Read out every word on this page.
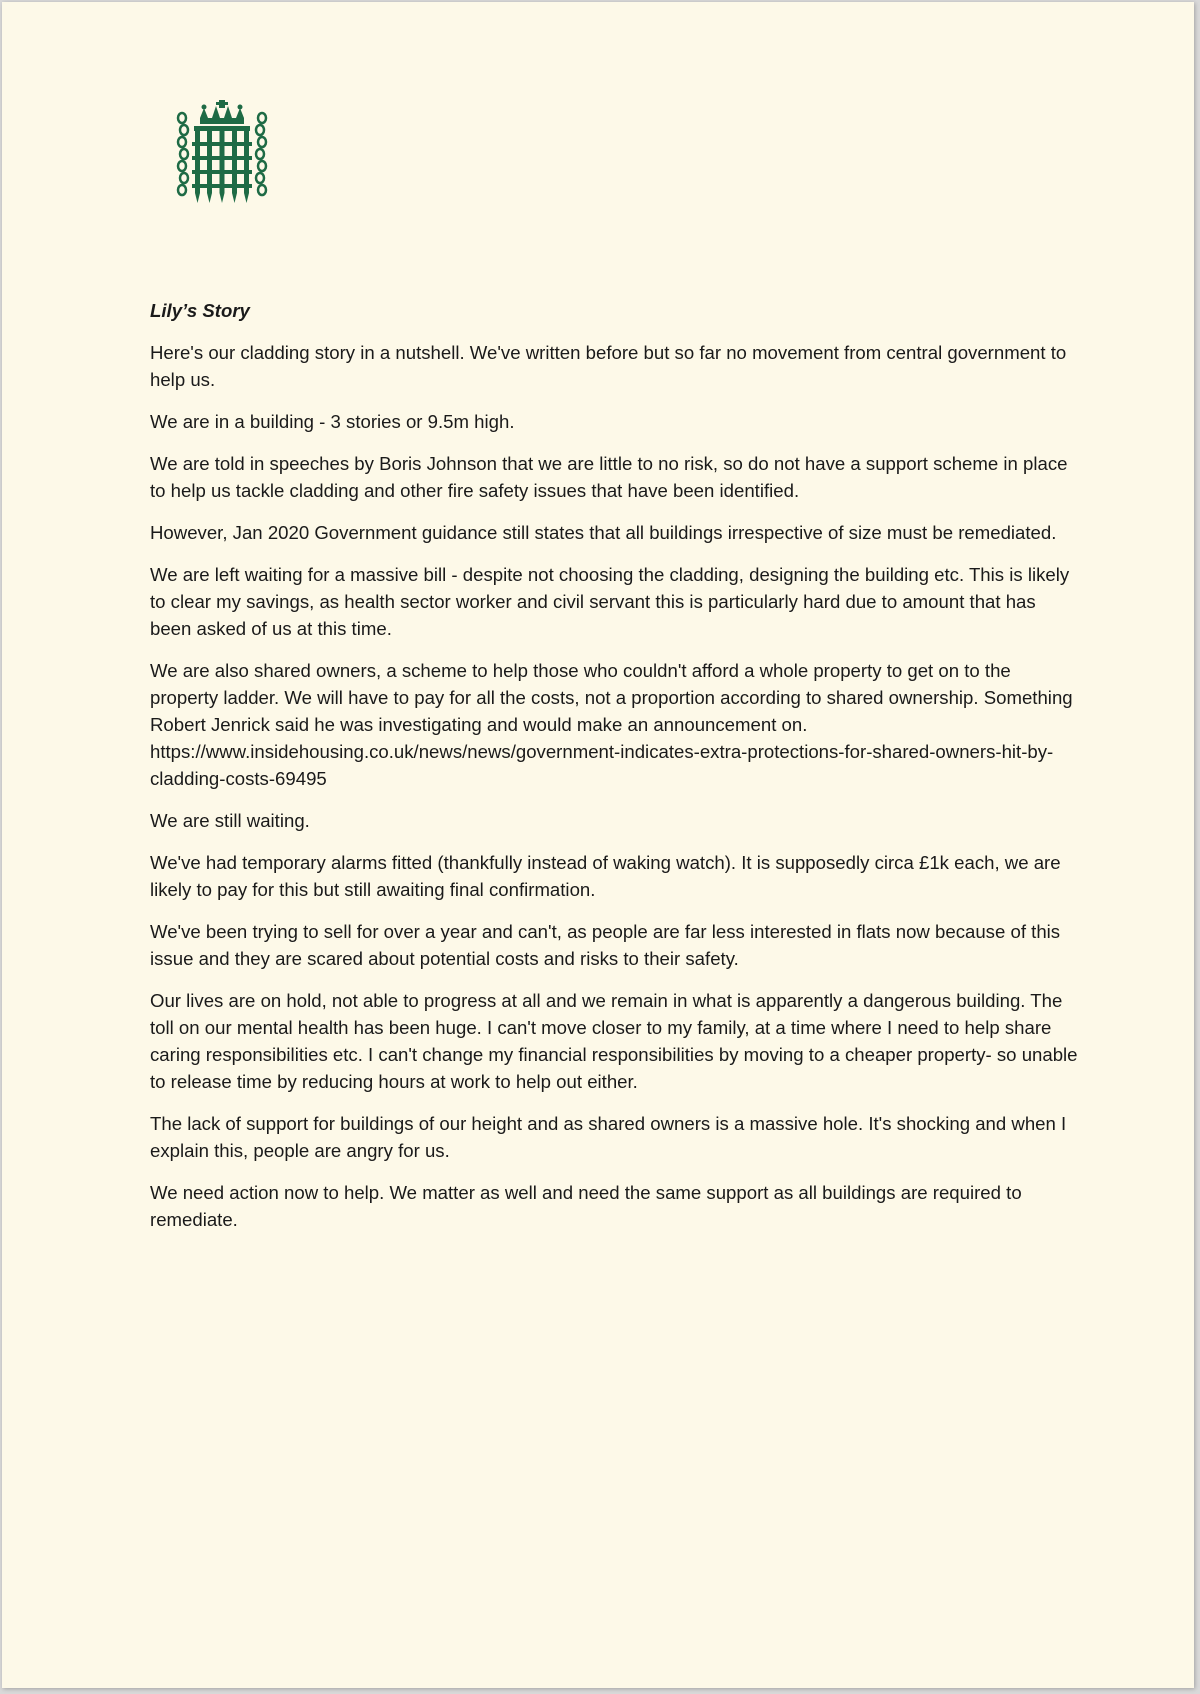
Lily’s Story

Here's our cladding story in a nutshell. We've written before but so far no movement from central government to help us.

We are in a building - 3 stories or 9.5m high.

We are told in speeches by Boris Johnson that we are little to no risk, so do not have a support scheme in place to help us tackle cladding and other fire safety issues that have been identified.

However, Jan 2020 Government guidance still states that all buildings irrespective of size must be remediated.

We are left waiting for a massive bill - despite not choosing the cladding, designing the building etc. This is likely to clear my savings, as health sector worker and civil servant this is particularly hard due to amount that has been asked of us at this time.

We are also shared owners, a scheme to help those who couldn't afford a whole property to get on to the property ladder. We will have to pay for all the costs, not a proportion according to shared ownership. Something Robert Jenrick said he was investigating and would make an announcement on. https://www.insidehousing.co.uk/news/news/government-indicates-extra-protections-for-shared-owners-hit-by-cladding-costs-69495

We are still waiting.

We've had temporary alarms fitted (thankfully instead of waking watch). It is supposedly circa £1k each, we are likely to pay for this but still awaiting final confirmation.

We've been trying to sell for over a year and can't, as people are far less interested in flats now because of this issue and they are scared about potential costs and risks to their safety.

Our lives are on hold, not able to progress at all and we remain in what is apparently a dangerous building. The toll on our mental health has been huge. I can't move closer to my family, at a time where I need to help share caring responsibilities etc. I can't change my financial responsibilities by moving to a cheaper property- so unable to release time by reducing hours at work to help out either.

The lack of support for buildings of our height and as shared owners is a massive hole. It's shocking and when I explain this, people are angry for us.

We need action now to help. We matter as well and need the same support as all buildings are required to remediate.
